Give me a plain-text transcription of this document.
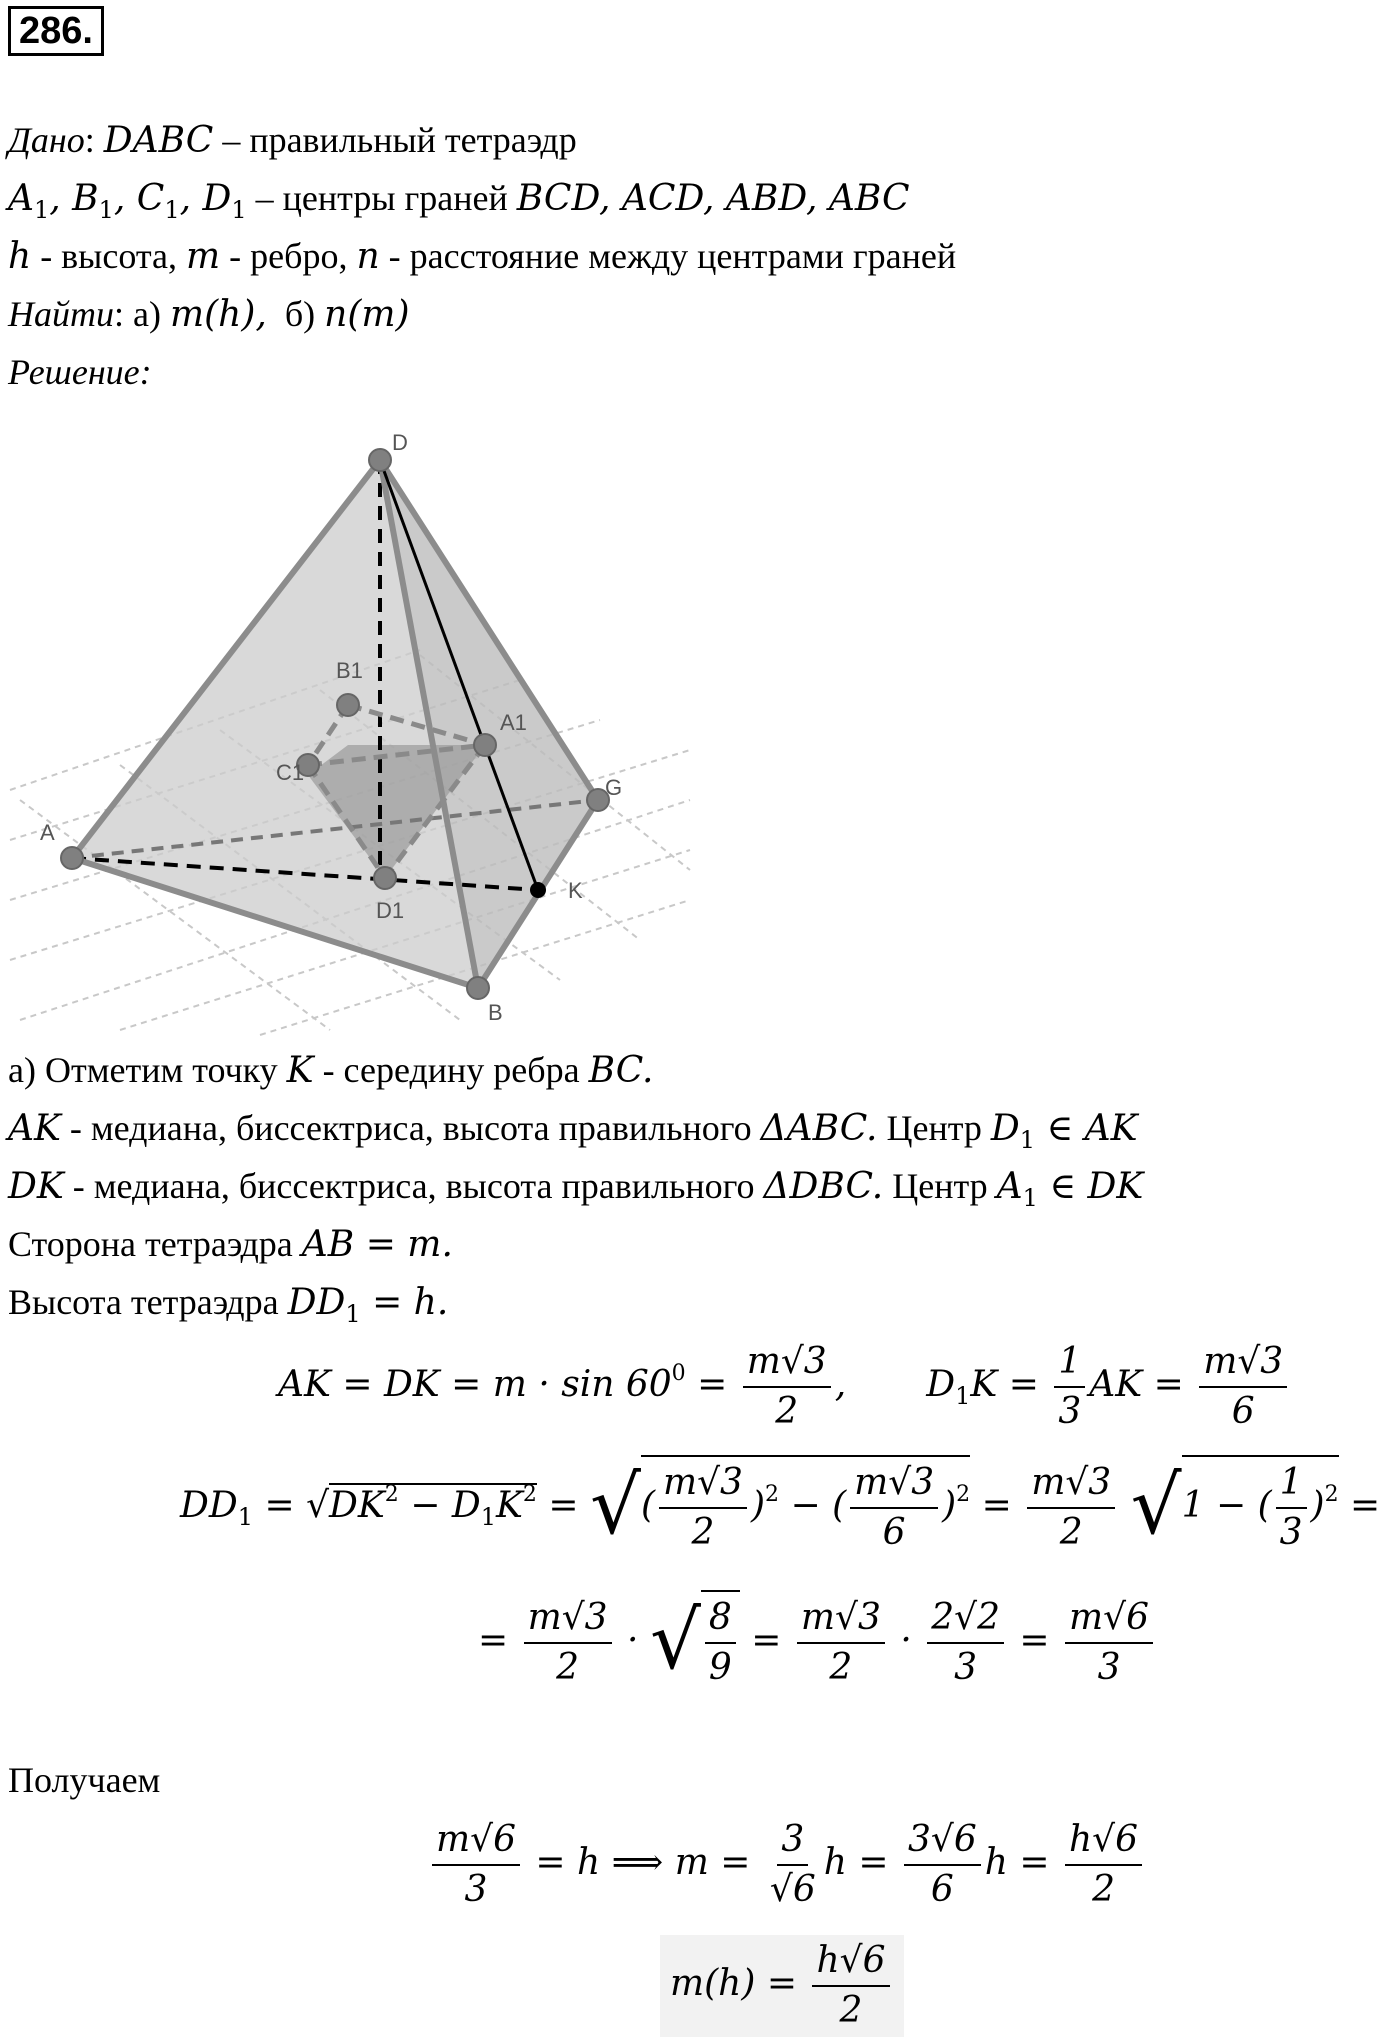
286.
Дано: DABC – правильный тетраэдр
$A_1$, $B_1$, $C_1$, $D_1$ – центры граней BCD, ACD, ABD, ABC
h - высота, m - ребро, n - расстояние между центрами граней
Найти: а) m(h),  б) n(m)
Решение:
D
B1
A1
C1
G
A
D1
K
B
а) Отметим точку K - середину ребра BC.
AK - медиана, биссектриса, высота правильного ΔABC. Центр $D_1$ ∈ AK
DK - медиана, биссектриса, высота правильного ΔDBC. Центр $A_1$ ∈ DK
Сторона тетраэдра AB = m.
Высота тетраэдра $DD_1 = h$.
AK = DK = $m \cdot \sin 60^0 = \frac{m√3}{2}$ ,       $D_1K = \frac{1}{3}$ AK = $\frac{m√3}{6}$
$DD_1 = √DK^2 - D_1K^2$ = √( $\frac{m√3}{2} )^2$ − ( $\frac{m√3}{6} )^2 = \frac{m√3}{2} √1$ − ( $\frac{1}{3} )^2$ =
= $\frac{m√3}{2}$ · √ $\frac{8}{9} = \frac{m√3}{2} \cdot \frac{2√2}{3} = \frac{m√6}{3}$
Получаем
$\frac{m√6}{3} = h$ ⟹ $m = \frac{3}{√6}$ $h = \frac{3√6}{6}$ $h = \frac{h√6}{2}$
$m(h) = \frac{h√6}{2}$
